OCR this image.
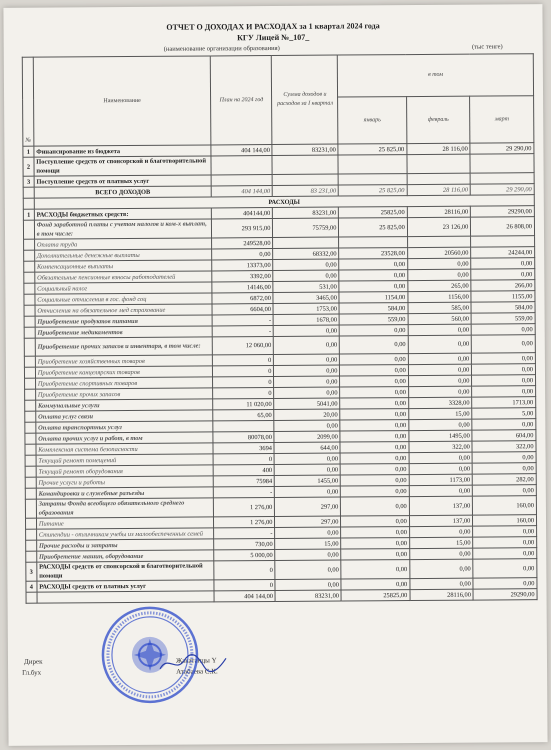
ОТЧЕТ О ДОХОДАХ И РАСХОДАХ за 1 квартал 2024 года
КГУ Лицей №_107_
(наименование организации образования)	(тыс тенге)
№	Наименование	План на 2024 год	Сумма доходов и расходов за I квартал	в том		
				январь	февраль	март
1	Финансирование из бюджета	404 144,00	83231,00	25 825,00	28 116,00	29 290,00
2	Поступление средств от спонсорской и благотворительной помощи					
3	Поступление средств от платных услуг					
	ВСЕГО ДОХОДОВ	404 144,00	83 231,00	25 825,00	28 116,00	29 290,00
	РАСХОДЫ					
1	РАСХОДЫ бюджетных средств:	404144,00	83231,00	25825,00	28116,00	29290,00
	Фонд заработной платы с учетом налогов и ком-х выплат, в том числе:	293 915,00	75759,00	25 825,00	23 126,00	26 808,00
	Оплата труда	249528,00				
	Дополнительные денежные выплаты	0,00	68332,00	23528,00	20560,00	24244,00
	Компенсационные выплаты	13373,00	0,00	0,00	0,00	0,00
	Обязательные пенсионные взносы работодателей	3392,00	0,00	0,00	0,00	0,00
	Социальный налог	14146,00	531,00	0,00	265,00	266,00
	Социальные отчисления в гос. фонд соц	6872,00	3465,00	1154,00	1156,00	1155,00
	Отчисления на обязательное мед страхование	6604,00	1753,00	584,00	585,00	584,00
	Приобретение продуктов питания	-	1678,00	559,00	560,00	559,00
	Приобретение медикаментов	-	0,00	0,00	0,00	0,00
	Приобретение прочих запасов и инвентаря, в том числе:	12 060,00	0,00	0,00	0,00	0,00
	Приобретение хозяйственных товаров	0	0,00	0,00	0,00	0,00
	Приобретение канцелярских товаров	0	0,00	0,00	0,00	0,00
	Приобретение спортивных товаров	0	0,00	0,00	0,00	0,00
	Приобретение прочих запасов	0	0,00	0,00	0,00	0,00
	Коммунальные услуги	11 020,00	5041,00	0,00	3328,00	1713,00
	Оплата услуг связи	65,00	20,00	0,00	15,00	5,00
	Оплата транспортных услуг		0,00	0,00	0,00	0,00
	Оплата прочих услуг и работ, в том	80078,00	2099,00	0,00	1495,00	604,00
	Комплексная система безопасности	3694	644,00	0,00	322,00	322,00
	Текущий ремонт помещений	0	0,00	0,00	0,00	0,00
	Текущий ремонт оборудования	400	0,00	0,00	0,00	0,00
	Прочие услуги и работы	75984	1455,00	0,00	1173,00	282,00
	Командировки и служебные разъезды	-	0,00	0,00	0,00	0,00
	Затраты Фонда всеобщего обязательного среднего образования	1 276,00	297,00	0,00	137,00	160,00
	Питание	1 276,00	297,00	0,00	137,00	160,00
	Стипендии - отличникам учебы из малообеспеченных семей	-	0,00	0,00	0,00	0,00
	Прочие расходы и затраты	730,00	15,00	0,00	15,00	0,00
	Приобретение машин, оборудование	5 000,00	0,00	0,00	0,00	0,00
3	РАСХОДЫ средств от спонсорской и благотворительной помощи	0	0,00	0,00	0,00	0,00
4	РАСХОДЫ средств от платных услуг	0	0,00	0,00	0,00	0,00
		404 144,00	83231,00	25825,00	28116,00	29290,00
Дирек	Жакатанцы Y
Гл.бух	Атабаева С.К.
